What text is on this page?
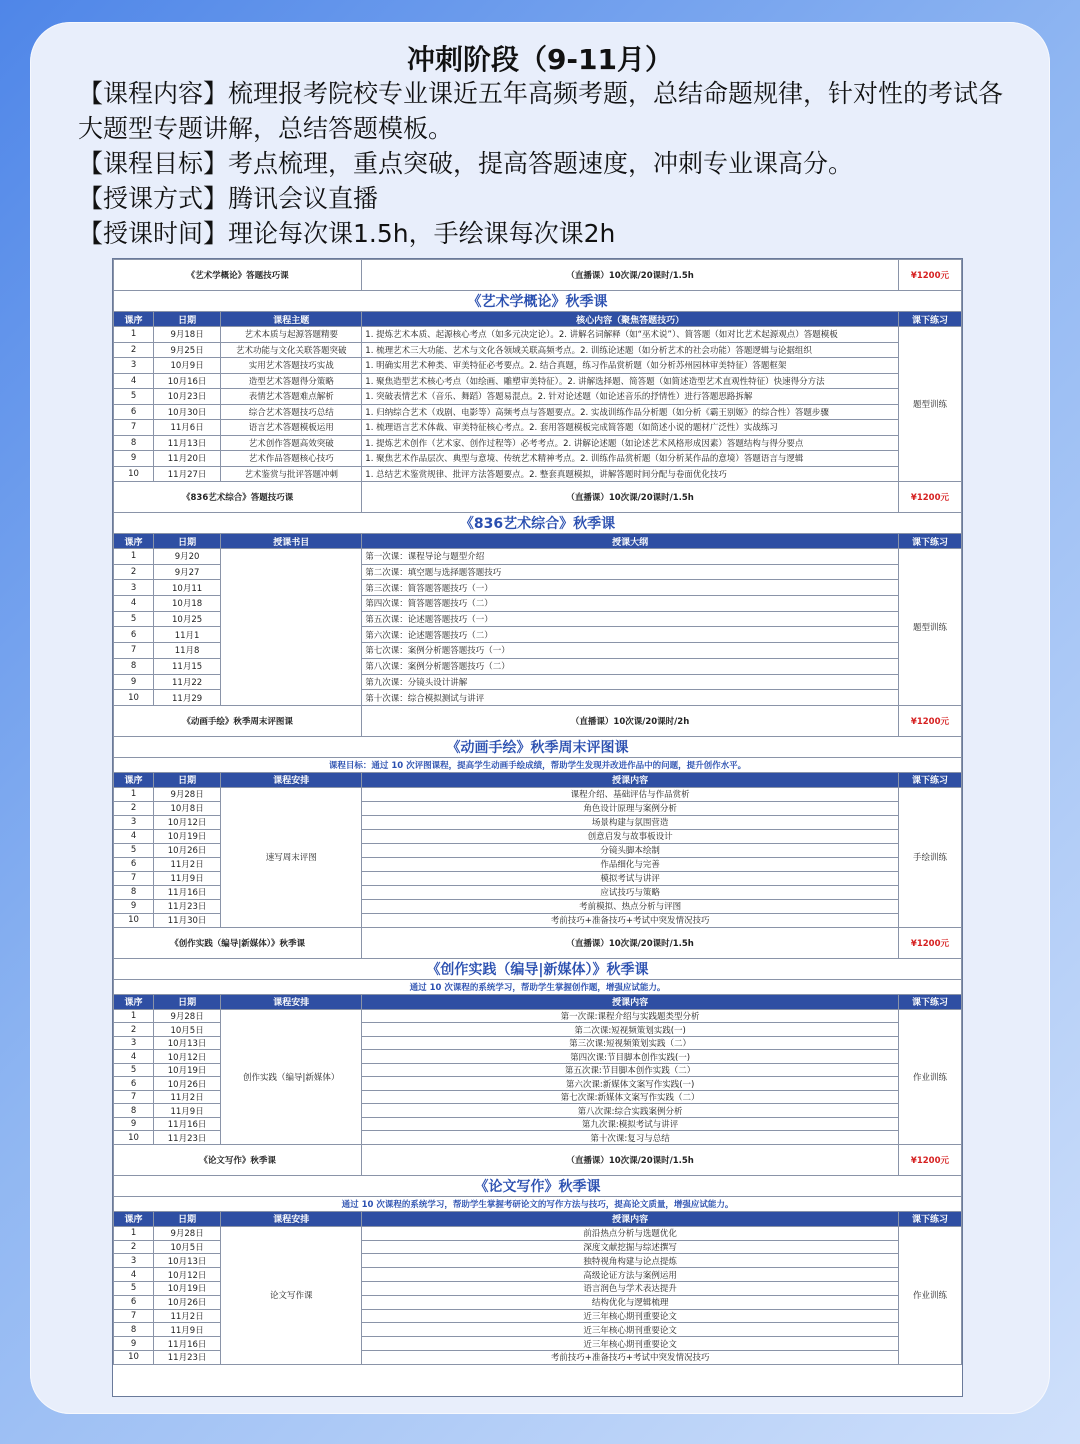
冲刺阶段（9-11月）

【课程内容】梳理报考院校专业课近五年高频考题，总结命题规律，针对性的考试各大题型专题讲解，总结答题模板。

【课程目标】考点梳理，重点突破，提高答题速度，冲刺专业课高分。

【授课方式】腾讯会议直播

【授课时间】理论每次课1.5h，手绘课每次课2h

《艺术学概论》答题技巧课			（直播课）10次课/20课时/1.5h	¥1200元
《艺术学概论》秋季课				
课序	日期	课程主题	核心内容（聚焦答题技巧）	课下练习
1	9月18日	艺术本质与起源答题精要	1. 提炼艺术本质、起源核心考点（如多元决定论）。2. 讲解名词解释（如“巫术说”）、简答题（如对比艺术起源观点）答题模板	题型训练
2	9月25日	艺术功能与文化关联答题突破	1. 梳理艺术三大功能、艺术与文化各领域关联高频考点。2. 训练论述题（如分析艺术的社会功能）答题逻辑与论据组织	
3	10月9日	实用艺术答题技巧实战	1. 明确实用艺术种类、审美特征必考要点。2. 结合真题，练习作品赏析题（如分析苏州园林审美特征）答题框架	
4	10月16日	造型艺术答题得分策略	1. 聚焦造型艺术核心考点（如绘画、雕塑审美特征）。2. 讲解选择题、简答题（如简述造型艺术直观性特征）快速得分方法	
5	10月23日	表情艺术答题难点解析	1. 突破表情艺术（音乐、舞蹈）答题易混点。2. 针对论述题（如论述音乐的抒情性）进行答题思路拆解	
6	10月30日	综合艺术答题技巧总结	1. 归纳综合艺术（戏剧、电影等）高频考点与答题要点。2. 实战训练作品分析题（如分析《霸王别姬》的综合性）答题步骤	
7	11月6日	语言艺术答题模板运用	1. 梳理语言艺术体裁、审美特征核心考点。2. 套用答题模板完成简答题（如简述小说的题材广泛性）实战练习	
8	11月13日	艺术创作答题高效突破	1. 提炼艺术创作（艺术家、创作过程等）必考考点。2. 讲解论述题（如论述艺术风格形成因素）答题结构与得分要点	
9	11月20日	艺术作品答题核心技巧	1. 聚焦艺术作品层次、典型与意境、传统艺术精神考点。2. 训练作品赏析题（如分析某作品的意境）答题语言与逻辑	
10	11月27日	艺术鉴赏与批评答题冲刺	1. 总结艺术鉴赏规律、批评方法答题要点。2. 整套真题模拟，讲解答题时间分配与卷面优化技巧	
《836艺术综合》答题技巧课			（直播课）10次课/20课时/1.5h	¥1200元
《836艺术综合》秋季课				
课序	日期	授课书目	授课大纲	课下练习
1	9月20		第一次课：课程导论与题型介绍	题型训练
2	9月27		第二次课：填空题与选择题答题技巧	
3	10月11		第三次课：简答题答题技巧（一）	
4	10月18		第四次课：简答题答题技巧（二）	
5	10月25		第五次课：论述题答题技巧（一）	
6	11月1		第六次课：论述题答题技巧（二）	
7	11月8		第七次课：案例分析题答题技巧（一）	
8	11月15		第八次课：案例分析题答题技巧（二）	
9	11月22		第九次课：分镜头设计讲解	
10	11月29		第十次课：综合模拟测试与讲评	
《动画手绘》秋季周末评图课			（直播课）10次课/20课时/2h	¥1200元
《动画手绘》秋季周末评图课				
课程目标：通过 10 次评图课程，提高学生动画手绘成绩，帮助学生发现并改进作品中的问题，提升创作水平。				
课序	日期	课程安排	授课内容	课下练习
1	9月28日	速写周末评图	课程介绍、基础评估与作品赏析	手绘训练
2	10月8日		角色设计原理与案例分析	
3	10月12日		场景构建与氛围营造	
4	10月19日		创意启发与故事板设计	
5	10月26日		分镜头脚本绘制	
6	11月2日		作品细化与完善	
7	11月9日		模拟考试与讲评	
8	11月16日		应试技巧与策略	
9	11月23日		考前模拟、热点分析与评图	
10	11月30日		考前技巧+准备技巧+考试中突发情况技巧	
《创作实践（编导|新媒体）》秋季课			（直播课）10次课/20课时/1.5h	¥1200元
《创作实践（编导|新媒体）》秋季课				
通过 10 次课程的系统学习，帮助学生掌握创作题，增强应试能力。				
课序	日期	课程安排	授课内容	课下练习
1	9月28日	创作实践（编导|新媒体）	第一次课:课程介绍与实践题类型分析	作业训练
2	10月5日		第二次课:短视频策划实践(一)	
3	10月13日		第三次课:短视频策划实践（二）	
4	10月12日		第四次课:节目脚本创作实践(一)	
5	10月19日		第五次课:节目脚本创作实践（二）	
6	10月26日		第六次课:新媒体文案写作实践(一)	
7	11月2日		第七次课:新媒体文案写作实践（二）	
8	11月9日		第八次课:综合实践案例分析	
9	11月16日		第九次课:模拟考试与讲评	
10	11月23日		第十次课:复习与总结	
《论文写作》秋季课			（直播课）10次课/20课时/1.5h	¥1200元
《论文写作》秋季课				
通过 10 次课程的系统学习，帮助学生掌握考研论文的写作方法与技巧，提高论文质量，增强应试能力。				
课序	日期	课程安排	授课内容	课下练习
1	9月28日	论文写作课	前沿热点分析与选题优化	作业训练
2	10月5日		深度文献挖掘与综述撰写	
3	10月13日		独特视角构建与论点提炼	
4	10月12日		高级论证方法与案例运用	
5	10月19日		语言润色与学术表达提升	
6	10月26日		结构优化与逻辑梳理	
7	11月2日		近三年核心期刊重要论文	
8	11月9日		近三年核心期刊重要论文	
9	11月16日		近三年核心期刊重要论文	
10	11月23日		考前技巧+准备技巧+考试中突发情况技巧	
